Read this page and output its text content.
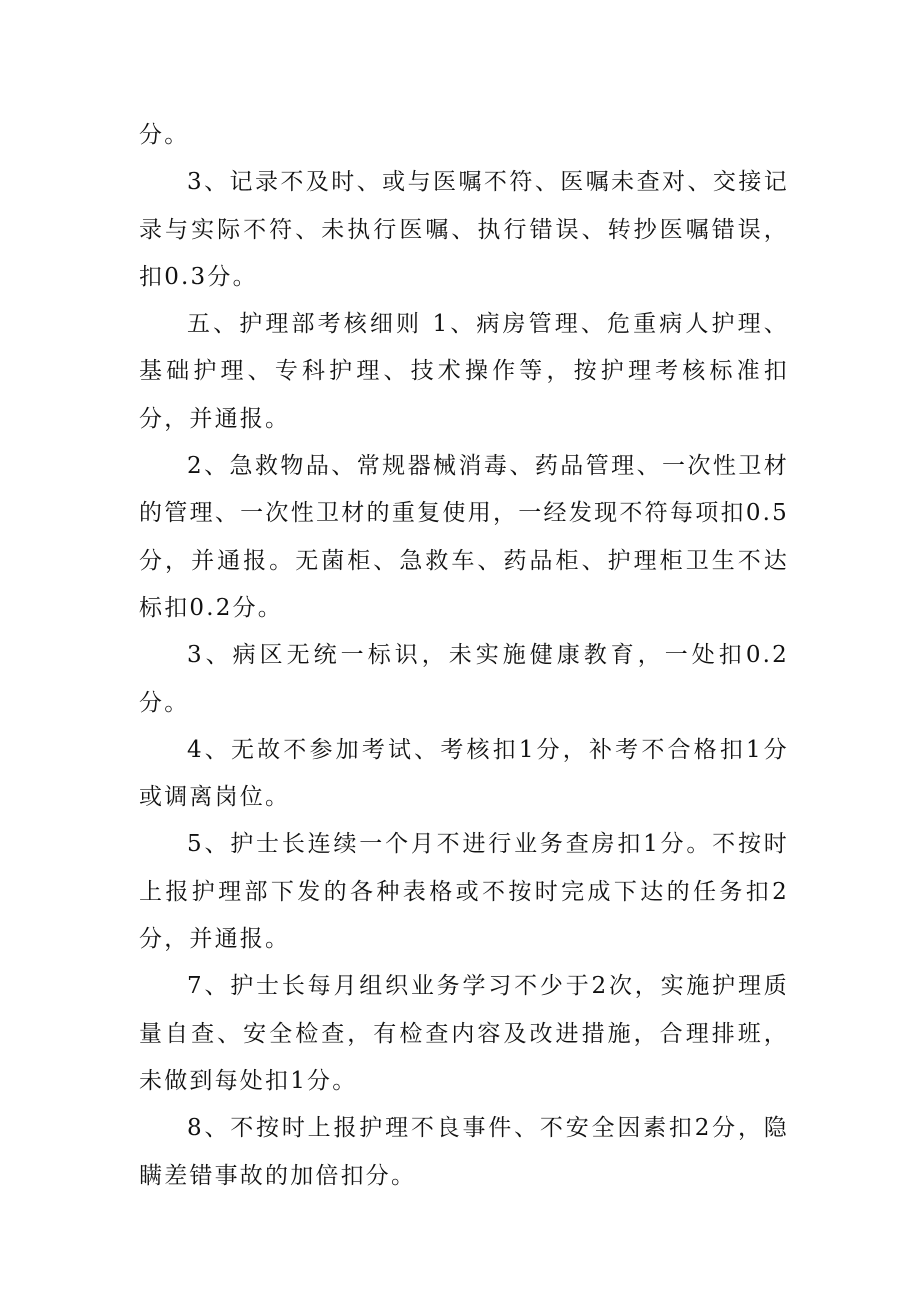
分。

3、记录不及时、或与医嘱不符、医嘱未查对、交接记录与实际不符、未执行医嘱、执行错误、转抄医嘱错误，扣0.3分。

五、护理部考核细则 1、病房管理、危重病人护理、基础护理、专科护理、技术操作等，按护理考核标准扣分，并通报。

2、急救物品、常规器械消毒、药品管理、一次性卫材的管理、一次性卫材的重复使用，一经发现不符每项扣0.5分，并通报。无菌柜、急救车、药品柜、护理柜卫生不达标扣0.2分。

3、病区无统一标识，未实施健康教育，一处扣0.2分。

4、无故不参加考试、考核扣1分，补考不合格扣1分或调离岗位。

5、护士长连续一个月不进行业务查房扣1分。不按时上报护理部下发的各种表格或不按时完成下达的任务扣2分，并通报。

7、护士长每月组织业务学习不少于2次，实施护理质量自查、安全检查，有检查内容及改进措施，合理排班，未做到每处扣1分。

8、不按时上报护理不良事件、不安全因素扣2分，隐瞒差错事故的加倍扣分。
